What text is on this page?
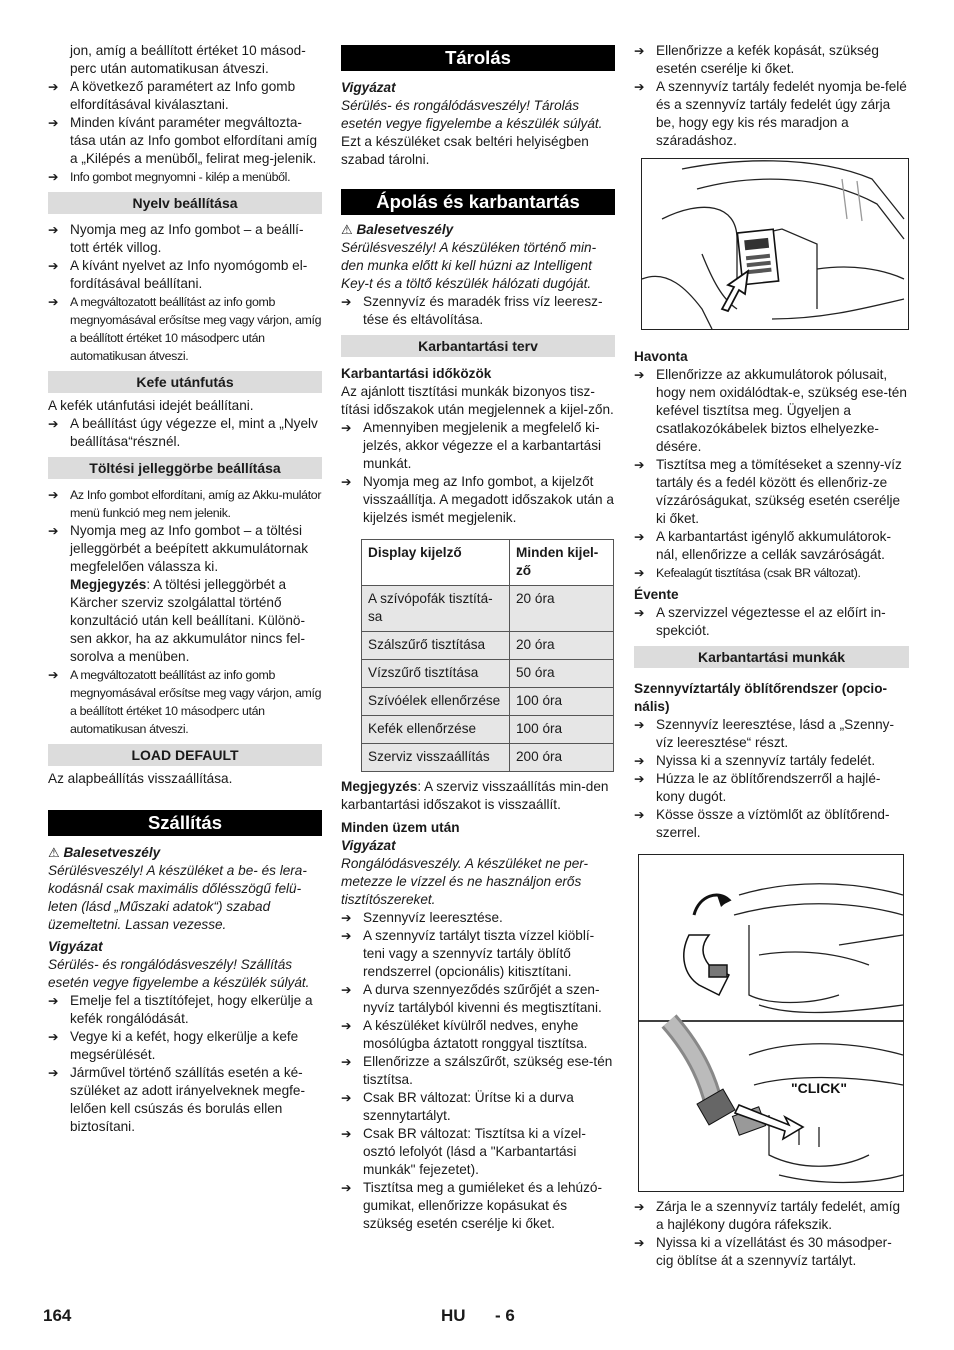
jon, amíg a beállított értéket 10 másod-perc után automatikusan átveszi.
➔ A következő paramétert az Info gomb elfordításával kiválasztani.
➔ Minden kívánt paraméter megváltozta-tása után az Info gombot elfordítani amíg a „Kilépés a menüből„ felirat meg-jelenik.
➔ Info gombot megnyomni - kilép a menüből.
Nyelv beállítása
➔ Nyomja meg az Info gombot – a beállí-tott érték villog.
➔ A kívánt nyelvet az Info nyomógomb el-fordításával beállítani.
➔ A megváltozatott beállítást az info gomb megnyomásával erősítse meg vagy várjon, amíg a beállított értéket 10 másodperc után automatikusan átveszi.
Kefe utánfutás

A kefék utánfutási idejét beállítani.

➔ A beállítást úgy végezze el, mint a „Nyelv beállítása“résznél.
Töltési jelleggörbe beállítása
➔ Az Info gombot elfordítani, amíg az Akku-mulátor menü funkció meg nem jelenik.
➔ Nyomja meg az Info gombot – a töltési jelleggörbét a beépített akkumulátornak megfelelően válassza ki.
Megjegyzés: A töltési jelleggörbét a Kärcher szerviz szolgálattal történő konzultáció után kell beállítani. Különö-sen akkor, ha az akkumulátor nincs fel-sorolva a menüben.
➔ A megváltozatott beállítást az info gomb megnyomásával erősítse meg vagy várjon, amíg a beállított értéket 10 másodperc után automatikusan átveszi.
LOAD DEFAULT

Az alapbeállítás visszaállítása.

Szállítás

⚠ Balesetveszély

Sérülésveszély! A készüléket a be- és lera-kodásnál csak maximális dőlésszögű felü-leten (lásd „Műszaki adatok“) szabad üzemeltetni. Lassan vezesse.

Vigyázat

Sérülés- és rongálódásveszély! Szállítás esetén vegye figyelembe a készülék súlyát.

➔ Emelje fel a tisztítófejet, hogy elkerülje a kefék rongálódását.
➔ Vegye ki a kefét, hogy elkerülje a kefe megsérülését.
➔ Járművel történő szállítás esetén a ké-szüléket az adott irányelveknek megfe-lelően kell csúszás és borulás ellen biztosítani.
Tárolás

Vigyázat

Sérülés- és rongálódásveszély! Tárolás esetén vegye figyelembe a készülék súlyát.

Ezt a készüléket csak beltéri helyiségben szabad tárolni.

Ápolás és karbantartás

⚠ Balesetveszély

Sérülésveszély! A készüléken történő min-den munka előtt ki kell húzni az Intelligent Key-t és a töltő készülék hálózati dugóját.

➔ Szennyvíz és maradék friss víz leeresz-tése és eltávolítása.
Karbantartási terv

Karbantartási időközök

Az ajánlott tisztítási munkák bizonyos tisz-títási időszakok után megjelennek a kijel-zőn.

➔ Amennyiben megjelenik a megfelelő ki-jelzés, akkor végezze el a karbantartási munkát.
➔ Nyomja meg az Info gombot, a kijelzőt visszaállítja. A megadott időszakok után a kijelzés ismét megjelenik.
Display kijelző	Minden kijel-ző
A szívópofák tisztítá-sa	20 óra
Szálszűrő tisztítása	20 óra
Vízszűrő tisztítása	50 óra
Szívóélek ellenőrzése	100 óra
Kefék ellenőrzése	100 óra
Szerviz visszaállítás	200 óra

Megjegyzés: A szerviz visszaállítás min-den karbantartási időszakot is visszaállít.

Minden üzem után

Vigyázat

Rongálódásveszély. A készüléket ne per-metezze le vízzel és ne használjon erős tisztítószereket.

➔ Szennyvíz leeresztése.
➔ A szennyvíz tartályt tiszta vízzel kiöblí-teni vagy a szennyvíz tartály öblítő rendszerrel (opcionális) kitisztítani.
➔ A durva szennyeződés szűrőjét a szen-nyvíz tartályból kivenni és megtisztítani.
➔ A készüléket kívülről nedves, enyhe mosólúgba áztatott ronggyal tisztítsa.
➔ Ellenőrizze a szálszűrőt, szükség ese-tén tisztítsa.
➔ Csak BR változat: Ürítse ki a durva szennytartályt.
➔ Csak BR változat: Tisztítsa ki a vízel-osztó lefolyót (lásd a "Karbantartási munkák" fejezetet).
➔ Tisztítsa meg a gumiéleket és a lehúzó-gumikat, ellenőrizze kopásukat és szükség esetén cserélje ki őket.
➔ Ellenőrizze a kefék kopását, szükség esetén cserélje ki őket.
➔ A szennyvíz tartály fedelét nyomja be-felé és a szennyvíz tartály fedelét úgy zárja be, hogy egy kis rés maradjon a száradáshoz.

Havonta

➔ Ellenőrizze az akkumulátorok pólusait, hogy nem oxidálódtak-e, szükség ese-tén kefével tisztítsa meg. Ügyeljen a csatlakozókábelek biztos elhelyezke-désére.
➔ Tisztítsa meg a tömítéseket a szenny-víz tartály és a fedél között és ellenőriz-ze vízzáróságukat, szükség esetén cserélje ki őket.
➔ A karbantartást igénylő akkumulátorok-nál, ellenőrizze a cellák savzáróságát.
➔ Kefealagút tisztítása (csak BR változat).

Évente

➔ A szervizzel végeztesse el az előírt in-spekciót.
Karbantartási munkák

Szennyvíztartály öblítőrendszer (opcio-nális)

➔ Szennyvíz leeresztése, lásd a „Szenny-víz leeresztése“ részt.
➔ Nyissa ki a szennyvíz tartály fedelét.
➔ Húzza le az öblítőrendszerről a hajlé-kony dugót.
➔ Kösse össze a víztömlőt az öblítőrend-szerrel.
➔ Zárja le a szennyvíz tartály fedelét, amíg a hajlékony dugóra ráfekszik.
➔ Nyissa ki a vízellátást és 30 másodper-cig öblítse át a szennyvíz tartályt.
"CLICK"
164	HU - 6
